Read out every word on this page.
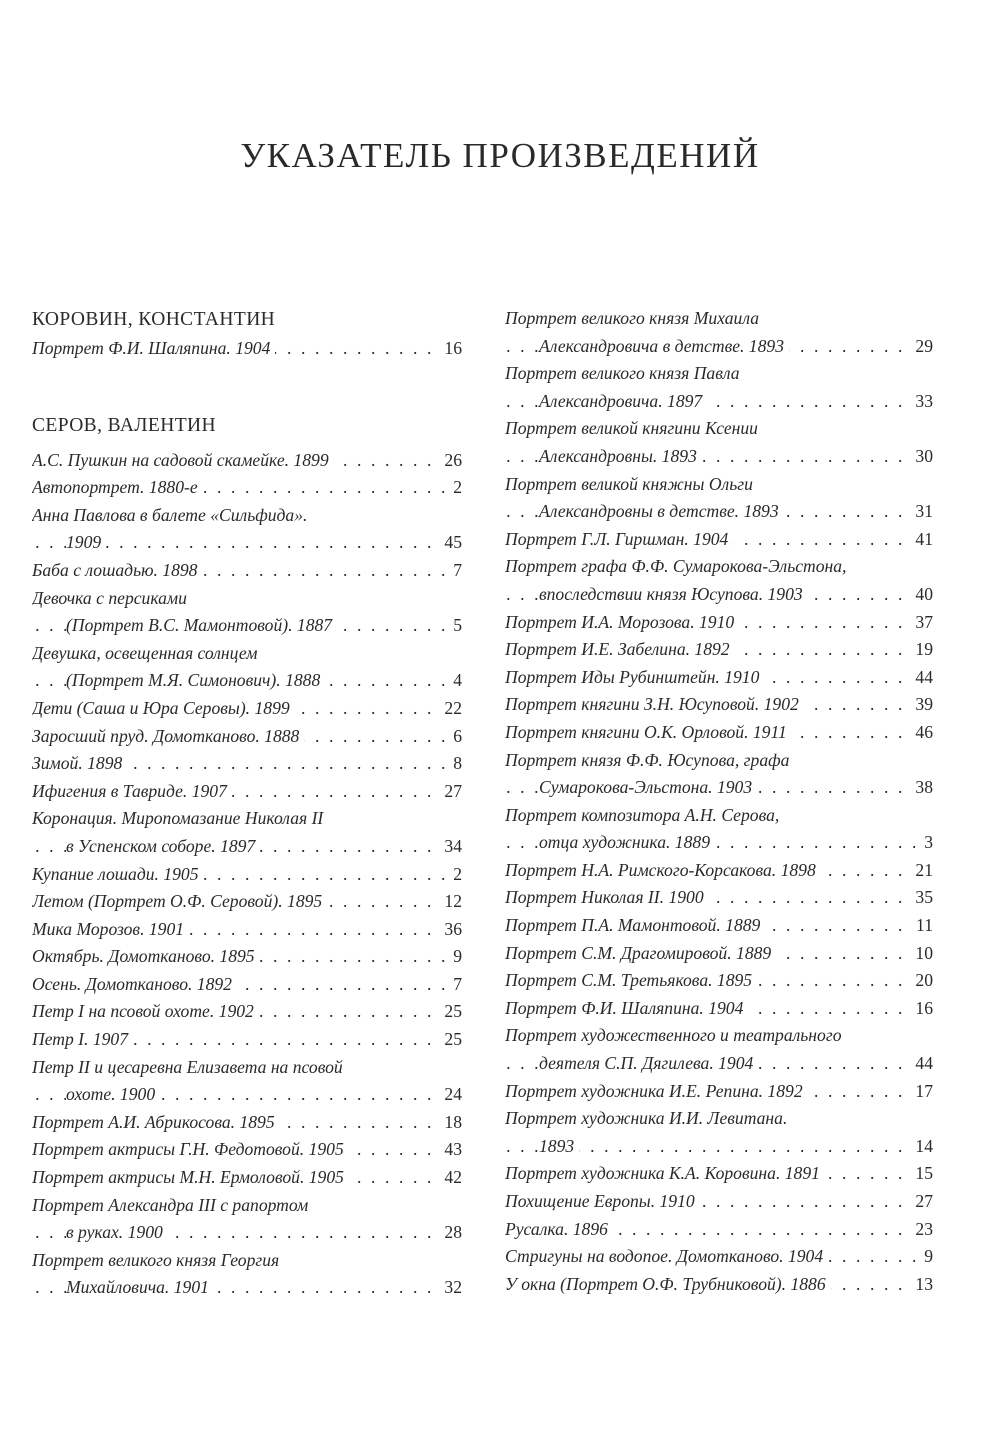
УКАЗАТЕЛЬ ПРОИЗВЕДЕНИЙ
КОРОВИН, КОНСТАНТИН
. . .
Портрет Ф.И. Шаляпина. 1904	16
СЕРОВ, ВАЛЕНТИН
. . .
А.С. Пушкин на садовой скамейке. 1899	26
. . .
Автопортрет. 1880-е	2
Анна Павлова в балете «Сильфида».
. . .
1909	45
. . .
Баба с лошадью. 1898	7
Девочка с персиками
. . .
(Портрет В.С. Мамонтовой). 1887	5
Девушка, освещенная солнцем
. . .
(Портрет М.Я. Симонович). 1888	4
. . .
Дети (Саша и Юра Серовы). 1899	22
. . .
Заросший пруд. Домотканово. 1888	6
. . .
Зимой. 1898	8
. . .
Ифигения в Тавриде. 1907	27
Коронация. Миропомазание Николая II
. . .
в Успенском соборе. 1897	34
. . .
Купание лошади. 1905	2
. . .
Летом (Портрет О.Ф. Серовой). 1895	12
. . .
Мика Морозов. 1901	36
. . .
Октябрь. Домотканово. 1895	9
. . .
Осень. Домотканово. 1892	7
. . .
Петр I на псовой охоте. 1902	25
. . .
Петр I. 1907	25
Петр II и цесаревна Елизавета на псовой
. . .
охоте. 1900	24
. . .
Портрет А.И. Абрикосова. 1895	18
. . .
Портрет актрисы Г.Н. Федотовой. 1905	43
. . .
Портрет актрисы М.Н. Ермоловой. 1905	42
Портрет Александра III с рапортом
. . .
в руках. 1900	28
Портрет великого князя Георгия
. . .
Михайловича. 1901	32
Портрет великого князя Михаила
. . .
Александровича в детстве. 1893	29
Портрет великого князя Павла
. . .
Александровича. 1897	33
Портрет великой княгини Ксении
. . .
Александровны. 1893	30
Портрет великой княжны Ольги
. . .
Александровны в детстве. 1893	31
. . .
Портрет Г.Л. Гиршман. 1904	41
Портрет графа Ф.Ф. Сумарокова-Эльстона,
. . .
впоследствии князя Юсупова. 1903	40
. . .
Портрет И.А. Морозова. 1910	37
. . .
Портрет И.Е. Забелина. 1892	19
. . .
Портрет Иды Рубинштейн. 1910	44
. . .
Портрет княгини З.Н. Юсуповой. 1902	39
. . .
Портрет княгини О.К. Орловой. 1911	46
Портрет князя Ф.Ф. Юсупова, графа
. . .
Сумарокова-Эльстона. 1903	38
Портрет композитора А.Н. Серова,
. . .
отца художника. 1889	3
. . .
Портрет Н.А. Римского-Корсакова. 1898	21
. . .
Портрет Николая II. 1900	35
. . .
Портрет П.А. Мамонтовой. 1889	11
. . .
Портрет С.М. Драгомировой. 1889	10
. . .
Портрет С.М. Третьякова. 1895	20
. . .
Портрет Ф.И. Шаляпина. 1904	16
Портрет художественного и театрального
. . .
деятеля С.П. Дягилева. 1904	44
. . .
Портрет художника И.Е. Репина. 1892	17
Портрет художника И.И. Левитана.
. . .
1893	14
. . .
Портрет художника К.А. Коровина. 1891	15
. . .
Похищение Европы. 1910	27
. . .
Русалка. 1896	23
. . .
Стригуны на водопое. Домотканово. 1904	9
. . .
У окна (Портрет О.Ф. Трубниковой). 1886	13
